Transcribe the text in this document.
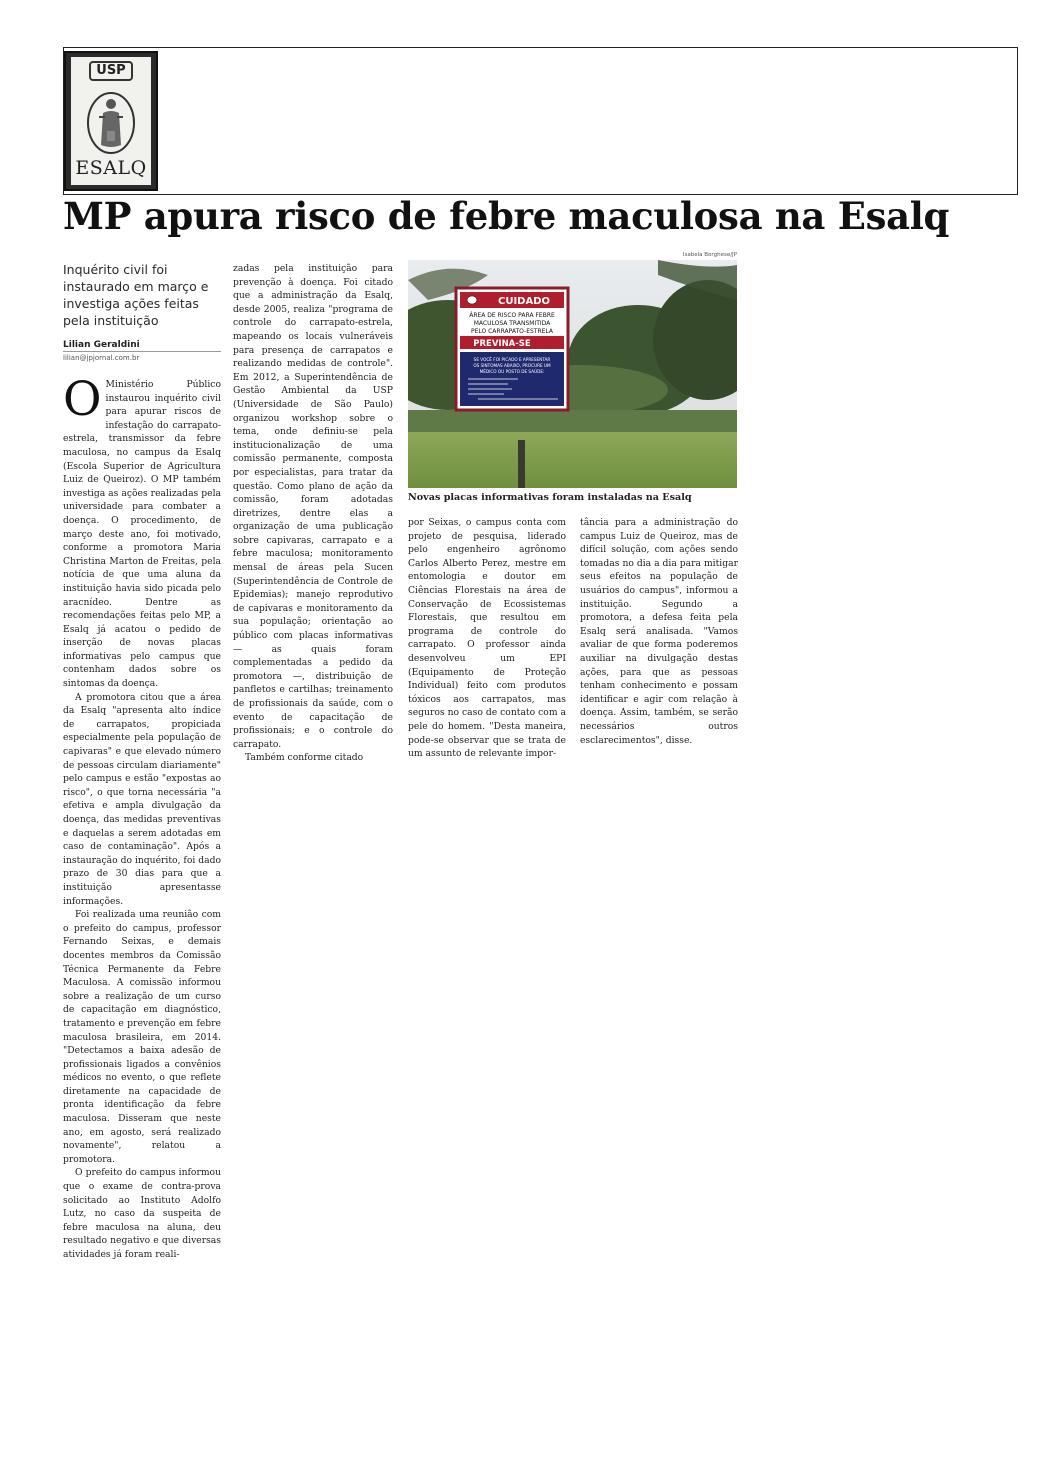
USP
ESALQ
MP apura risco de febre maculosa na Esalq
Inquérito civil foi instaurado em março e investiga ações feitas pela instituição
Lilian Geraldini
lilian@jpjornal.com.br

O Ministério Público instaurou inquérito civil para apurar riscos de infestação do carrapato-estrela, transmissor da febre maculosa, no campus da Esalq (Escola Superior de Agricultura Luiz de Queiroz). O MP também investiga as ações realizadas pela universidade para combater a doença. O procedimento, de março deste ano, foi motivado, conforme a promotora Maria Christina Marton de Freitas, pela notícia de que uma aluna da instituição havia sido picada pelo aracnídeo. Dentre as recomendações feitas pelo MP, a Esalq já acatou o pedido de inserção de novas placas informativas pelo campus que contenham dados sobre os sintomas da doença.

A promotora citou que a área da Esalq "apresenta alto índice de carrapatos, propiciada especialmente pela população de capivaras" e que elevado número de pessoas circulam diariamente" pelo campus e estão "expostas ao risco", o que torna necessária "a efetiva e ampla divulgação da doença, das medidas preventivas e daquelas a serem adotadas em caso de contaminação". Após a instauração do inquérito, foi dado prazo de 30 dias para que a instituição apresentasse informações.

Foi realizada uma reunião com o prefeito do campus, professor Fernando Seixas, e demais docentes membros da Comissão Técnica Permanente da Febre Maculosa. A comissão informou sobre a realização de um curso de capacitação em diagnóstico, tratamento e prevenção em febre maculosa brasileira, em 2014. "Detectamos a baixa adesão de profissionais ligados a convênios médicos no evento, o que reflete diretamente na capacidade de pronta identificação da febre maculosa. Disseram que neste ano, em agosto, será realizado novamente", relatou a promotora.

O prefeito do campus informou que o exame de contra-prova solicitado ao Instituto Adolfo Lutz, no caso da suspeita de febre maculosa na aluna, deu resultado negativo e que diversas atividades já foram reali-

zadas pela instituição para prevenção à doença. Foi citado que a administração da Esalq, desde 2005, realiza "programa de controle do carrapato-estrela, mapeando os locais vulneráveis para presença de carrapatos e realizando medidas de controle". Em 2012, a Superintendência de Gestão Ambiental da USP (Universidade de São Paulo) organizou workshop sobre o tema, onde definiu-se pela institucionalização de uma comissão permanente, composta por especialistas, para tratar da questão. Como plano de ação da comissão, foram adotadas diretrizes, dentre elas a organização de uma publicação sobre capivaras, carrapato e a febre maculosa; monitoramento mensal de áreas pela Sucen (Superintendência de Controle de Epidemias); manejo reprodutivo de capivaras e monitoramento da sua população; orientação ao público com placas informativas — as quais foram complementadas a pedido da promotora —, distribuição de panfletos e cartilhas; treinamento de profissionais da saúde, com o evento de capacitação de profissionais; e o controle do carrapato.

Também conforme citado

Isabela Borghese/JP
CUIDADO
ÁREA DE RISCO PARA FEBRE
MACULOSA TRANSMITIDA
PELO CARRAPATO-ESTRELA
PREVINA-SE
SE VOCÊ FOI PICADO E APRESENTAR
OS SINTOMAS ABAIXO, PROCURE UM
MÉDICO OU POSTO DE SAÚDE:
Novas placas informativas foram instaladas na Esalq

por Seixas, o campus conta com projeto de pesquisa, liderado pelo engenheiro agrônomo Carlos Alberto Perez, mestre em entomologia e doutor em Ciências Florestais na área de Conservação de Ecossistemas Florestais, que resultou em programa de controle do carrapato. O professor ainda desenvolveu um EPI (Equipamento de Proteção Individual) feito com produtos tóxicos aos carrapatos, mas seguros no caso de contato com a pele do homem. "Desta maneira, pode-se observar que se trata de um assunto de relevante impor-

tância para a administração do campus Luiz de Queiroz, mas de difícil solução, com ações sendo tomadas no dia a dia para mitigar seus efeitos na população de usuários do campus", informou a instituição. Segundo a promotora, a defesa feita pela Esalq será analisada. "Vamos avaliar de que forma poderemos auxiliar na divulgação destas ações, para que as pessoas tenham conhecimento e possam identificar e agir com relação à doença. Assim, também, se serão necessários outros esclarecimentos", disse.
